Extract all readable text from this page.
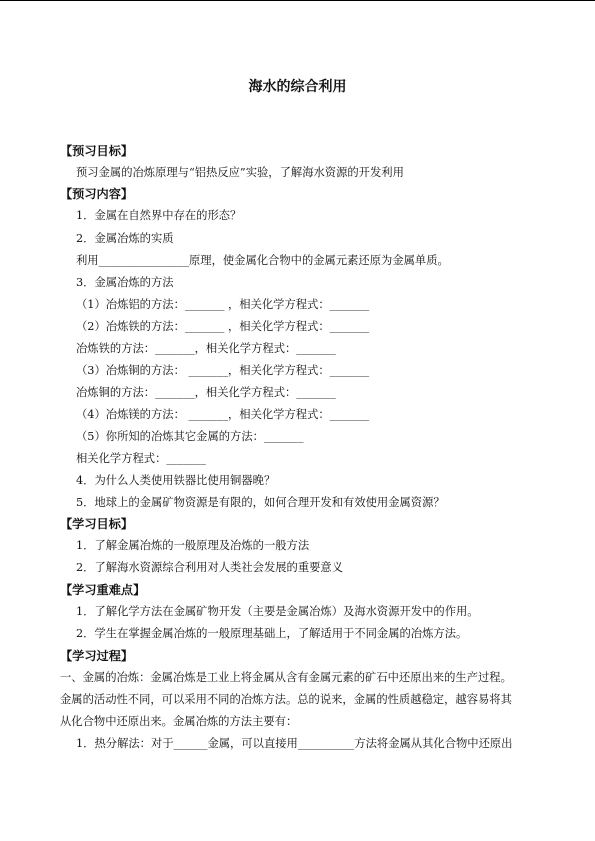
海水的综合利用
【预习目标】
预习金属的冶炼原理与“铝热反应”实验，了解海水资源的开发利用
【预习内容】
1．金属在自然界中存在的形态？
2．金属冶炼的实质
利用________________原理，使金属化合物中的金属元素还原为金属单质。
3．金属冶炼的方法
（1）冶炼铝的方法：_______ ，相关化学方程式：_______
（2）冶炼铁的方法：_______ ，相关化学方程式：_______
冶炼铁的方法：_______，相关化学方程式：_______
（3）冶炼铜的方法： _______，相关化学方程式：_______
冶炼铜的方法：_______，相关化学方程式：_______
（4）冶炼镁的方法： _______，相关化学方程式：_______
（5）你所知的冶炼其它金属的方法：_______
相关化学方程式：_______
4．为什么人类使用铁器比使用铜器晚？
5．地球上的金属矿物资源是有限的，如何合理开发和有效使用金属资源？
【学习目标】
1．了解金属冶炼的一般原理及冶炼的一般方法
2．了解海水资源综合利用对人类社会发展的重要意义
【学习重难点】
1．了解化学方法在金属矿物开发（主要是金属冶炼）及海水资源开发中的作用。
2．学生在掌握金属冶炼的一般原理基础上，了解适用于不同金属的冶炼方法。
【学习过程】
一、金属的冶炼：金属冶炼是工业上将金属从含有金属元素的矿石中还原出来的生产过程。
金属的活动性不同，可以采用不同的冶炼方法。总的说来，金属的性质越稳定，越容易将其
从化合物中还原出来。金属冶炼的方法主要有：
1．热分解法：对于______金属，可以直接用__________方法将金属从其化合物中还原出
